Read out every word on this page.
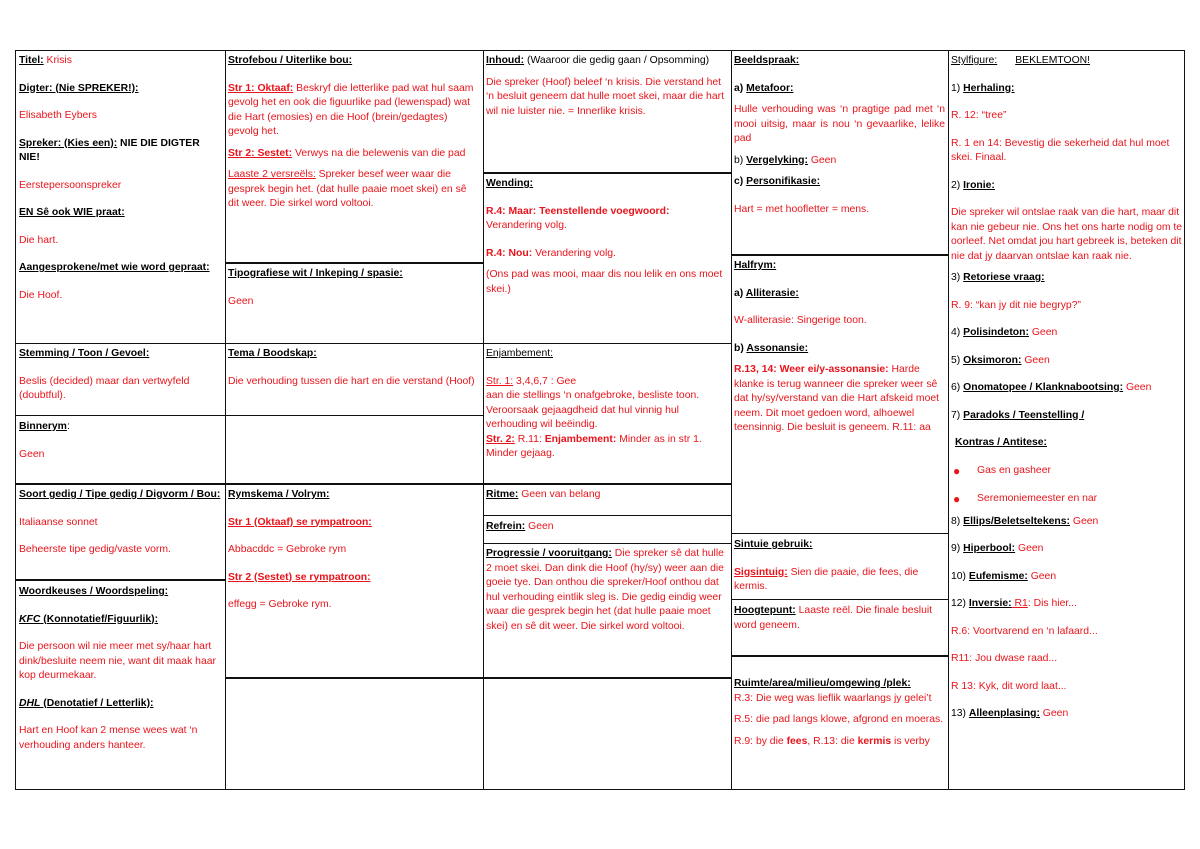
Titel: Krisis

Digter: (Nie SPREKER!):

Elisabeth Eybers

Spreker: (Kies een): NIE DIE DIGTER NIE!

Eerstepersoonspreker

EN Sê ook WIE praat:

Die hart.

Aangesprokene/met wie word gepraat:

Die Hoof.

Stemming / Toon / Gevoel:

Beslis (decided) maar dan vertwyfeld (doubtful).

Binnerym:

Geen

Soort gedig / Tipe gedig / Digvorm / Bou:

Italiaanse sonnet

Beheerste tipe gedig/vaste vorm.

Woordkeuses / Woordspeling:

KFC (Konnotatief/Figuurlik):

Die persoon wil nie meer met sy/haar hart dink/besluite neem nie, want dit maak haar kop deurmekaar.

DHL (Denotatief / Letterlik):

Hart en Hoof kan 2 mense wees wat ‘n verhouding anders hanteer.

Strofebou / Uiterlike bou:

Str 1: Oktaaf: Beskryf die letterlike pad wat hul saam gevolg het en ook die figuurlike pad (lewenspad) wat die Hart (emosies) en die Hoof (brein/gedagtes) gevolg het.

Str 2: Sestet: Verwys na die belewenis van die pad

Laaste 2 versreëls: Spreker besef weer waar die gesprek begin het. (dat hulle paaie moet skei) en sê dit weer. Die sirkel word voltooi.

Tipografiese wit / Inkeping / spasie:

Geen

Tema / Boodskap:

Die verhouding tussen die hart en die verstand (Hoof)

Rymskema / Volrym:

Str 1 (Oktaaf) se rympatroon:

Abbacddc = Gebroke rym

Str 2 (Sestet) se rympatroon:

effegg = Gebroke rym.

Inhoud: (Waaroor die gedig gaan / Opsomming)

Die spreker (Hoof) beleef ‘n krisis. Die verstand het ‘n besluit geneem dat hulle moet skei, maar die hart wil nie luister nie. = Innerlike krisis.

Wending:

R.4: Maar: Teenstellende voegwoord: Verandering volg.

R.4: Nou: Verandering volg.

(Ons pad was mooi, maar dis nou lelik en ons moet skei.)

Enjambement:

Str. 1: 3,4,6,7 : Gee

aan die stellings ‘n onafgebroke, besliste toon. Veroorsaak gejaagdheid dat hul vinnig hul verhouding wil beëindig.

Str. 2: R.11: Enjambement: Minder as in str 1. Minder gejaag.

Ritme: Geen van belang

Refrein: Geen

Progressie / vooruitgang: Die spreker sê dat hulle 2 moet skei. Dan dink die Hoof (hy/sy) weer aan die goeie tye. Dan onthou die spreker/Hoof onthou dat hul verhouding eintlik sleg is. Die gedig eindig weer waar die gesprek begin het (dat hulle paaie moet skei) en sê dit weer. Die sirkel word voltooi.

Beeldspraak:

a) Metafoor:

Hulle verhouding was ‘n pragtige pad met ‘n mooi uitsig, maar is nou ‘n gevaarlike, lelike pad

b) Vergelyking: Geen

c) Personifikasie:

Hart = met hoofletter = mens.

Halfrym:

a) Alliterasie:

W-alliterasie: Singerige toon.

b) Assonansie:

R.13, 14: Weer ei/y-assonansie: Harde klanke is terug wanneer die spreker weer sê dat hy/sy/verstand van die Hart afskeid moet neem. Dit moet gedoen word, alhoewel teensinnig. Die besluit is geneem. R.11: aa

Sintuie gebruik:

Sigsintuig: Sien die paaie, die fees, die kermis.

Hoogtepunt: Laaste reël. Die finale besluit word geneem.

Ruimte/area/milieu/omgewing /plek:

R.3: Die weg was lieflik waarlangs jy gelei’t

R.5: die pad langs klowe, afgrond en moeras.

R.9: by die fees, R.13: die kermis is verby

Stylfigure: BEKLEMTOON!

1) Herhaling:

R. 12: “tree”

R. 1 en 14: Bevestig die sekerheid dat hul moet skei. Finaal.

2) Ironie:

Die spreker wil ontslae raak van die hart, maar dit kan nie gebeur nie. Ons het ons harte nodig om te oorleef. Net omdat jou hart gebreek is, beteken dit nie dat jy daarvan ontslae kan raak nie.

3) Retoriese vraag:

R. 9: “kan jy dit nie begryp?”

4) Polisindeton: Geen

5) Oksimoron: Geen

6) Onomatopee / Klanknabootsing: Geen

7) Paradoks / Teenstelling /

Kontras / Antitese:

●	Gas en gasheer
●	Seremoniemeester en nar

8) Ellips/Beletseltekens: Geen

9) Hiperbool: Geen

10) Eufemisme: Geen

12) Inversie: R1: Dis hier...

R.6: Voortvarend en ‘n lafaard...

R11: Jou dwase raad...

R 13: Kyk, dit word laat...

13) Alleenplasing: Geen
